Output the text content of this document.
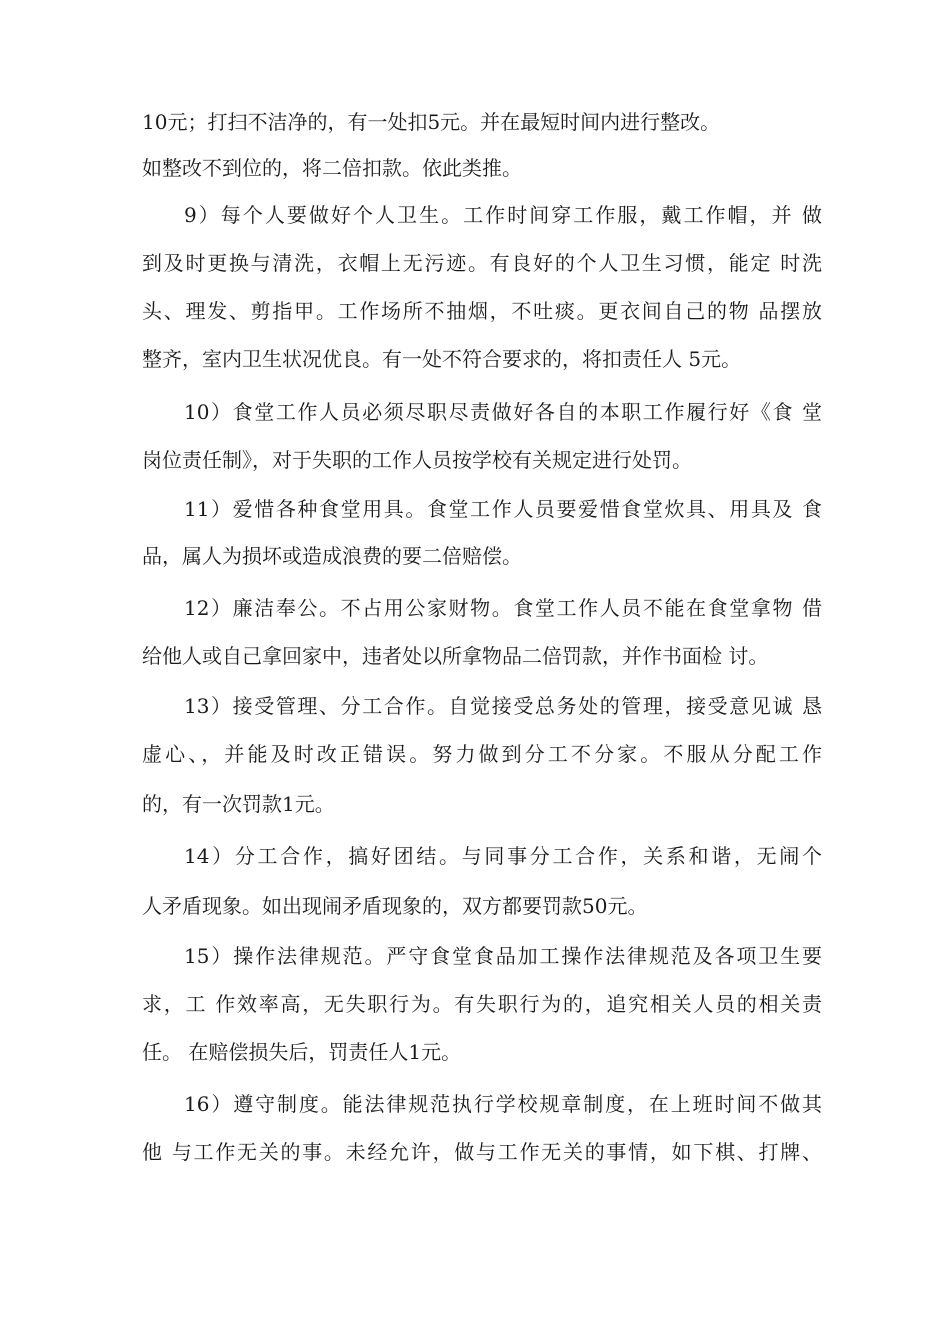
10元；打扫不洁净的，有一处扣5元。并在最短时间内进行整改。
如整改不到位的，将二倍扣款。依此类推。
9）每个人要做好个人卫生。工作时间穿工作服，戴工作帽，并 做
到及时更换与清洗，衣帽上无污迹。有良好的个人卫生习惯，能定 时洗
头、理发、剪指甲。工作场所不抽烟，不吐痰。更衣间自己的物 品摆放
整齐，室内卫生状况优良。有一处不符合要求的，将扣责任人 5元。
10）食堂工作人员必须尽职尽责做好各自的本职工作履行好《食 堂
岗位责任制》，对于失职的工作人员按学校有关规定进行处罚。
11）爱惜各种食堂用具。食堂工作人员要爱惜食堂炊具、用具及 食
品，属人为损坏或造成浪费的要二倍赔偿。
12）廉洁奉公。不占用公家财物。食堂工作人员不能在食堂拿物 借
给他人或自己拿回家中，违者处以所拿物品二倍罚款，并作书面检 讨。
13）接受管理、分工合作。自觉接受总务处的管理，接受意见诚 恳
虚心、，并能及时改正错误。努力做到分工不分家。不服从分配工作
的，有一次罚款1元。
14）分工合作，搞好团结。与同事分工合作，关系和谐，无闹个
人矛盾现象。如出现闹矛盾现象的，双方都要罚款50元。
15）操作法律规范。严守食堂食品加工操作法律规范及各项卫生要
求，工 作效率高，无失职行为。有失职行为的，追究相关人员的相关责
任。 在赔偿损失后，罚责任人1元。
16）遵守制度。能法律规范执行学校规章制度，在上班时间不做其
他 与工作无关的事。未经允许，做与工作无关的事情，如下棋、打牌、
